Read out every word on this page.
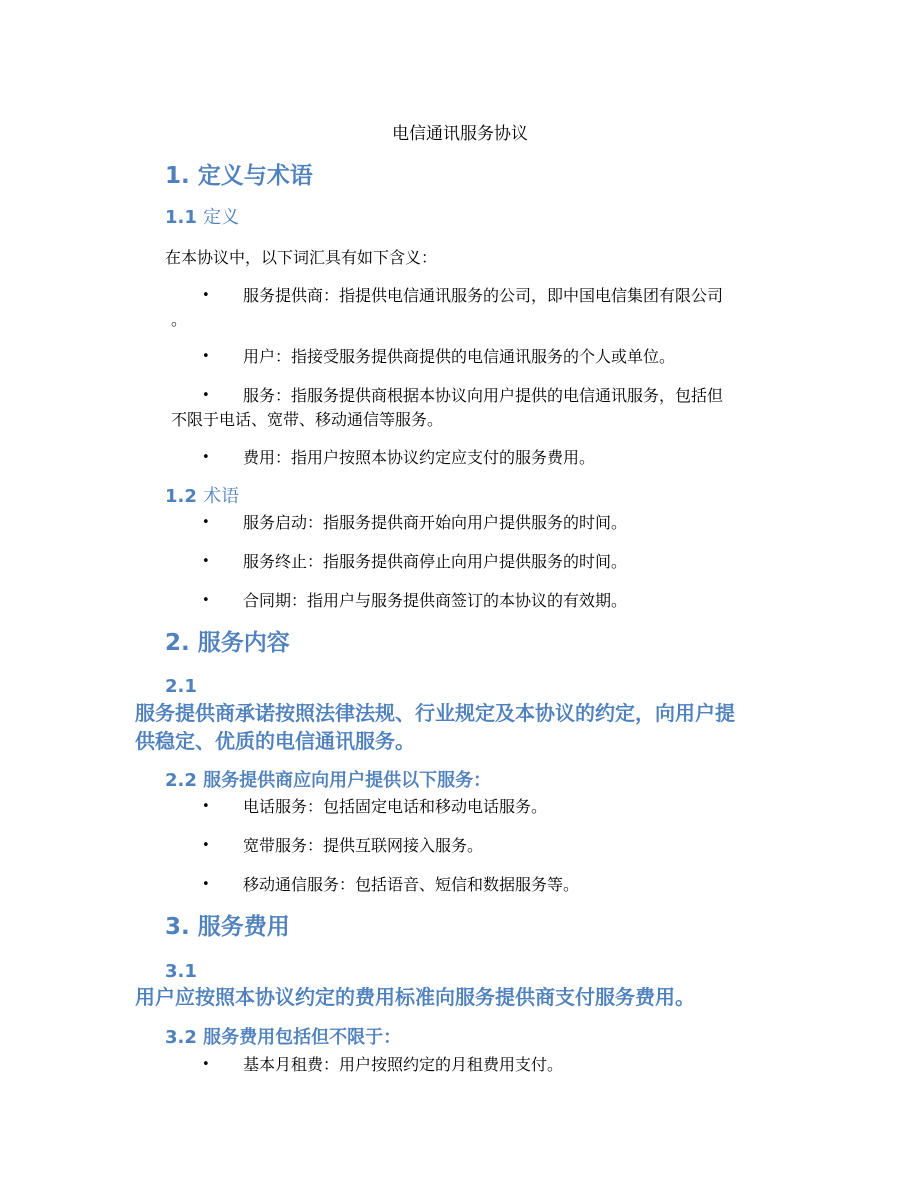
电信通讯服务协议
1. 定义与术语
1.1 定义
在本协议中，以下词汇具有如下含义：
•	服务提供商：指提供电信通讯服务的公司，即中国电信集团有限公司
。
•	用户：指接受服务提供商提供的电信通讯服务的个人或单位。
•	服务：指服务提供商根据本协议向用户提供的电信通讯服务，包括但
不限于电话、宽带、移动通信等服务。
•	费用：指用户按照本协议约定应支付的服务费用。
1.2 术语
•	服务启动：指服务提供商开始向用户提供服务的时间。
•	服务终止：指服务提供商停止向用户提供服务的时间。
•	合同期：指用户与服务提供商签订的本协议的有效期。
2. 服务内容
2.1
服务提供商承诺按照法律法规、行业规定及本协议的约定，向用户提
供稳定、优质的电信通讯服务。
2.2 服务提供商应向用户提供以下服务：
•	电话服务：包括固定电话和移动电话服务。
•	宽带服务：提供互联网接入服务。
•	移动通信服务：包括语音、短信和数据服务等。
3. 服务费用
3.1
用户应按照本协议约定的费用标准向服务提供商支付服务费用。
3.2 服务费用包括但不限于：
•	基本月租费：用户按照约定的月租费用支付。
